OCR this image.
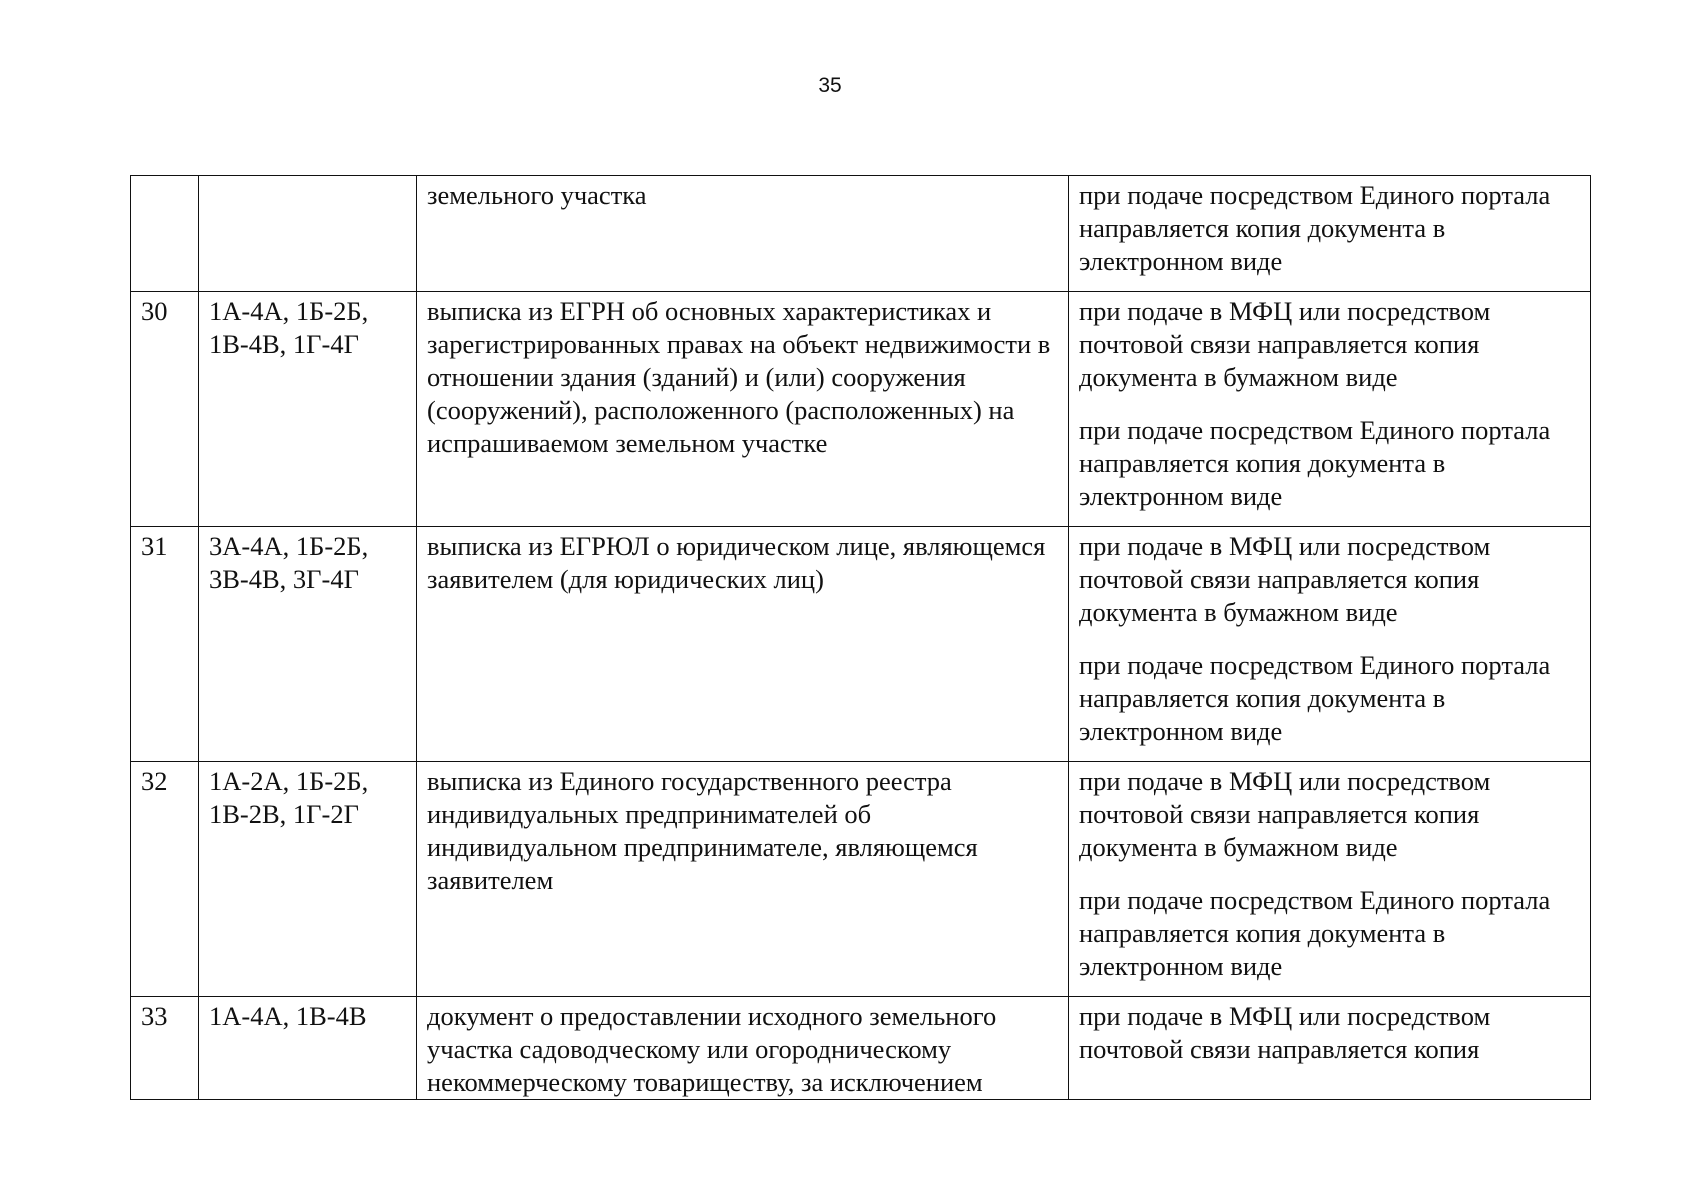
35
		земельного участка	при подаче посредством Единого портала направляется копия документа в электронном виде

30	1А-4А, 1Б-2Б, 1В-4В, 1Г-4Г	выписка из ЕГРН об основных характеристиках и зарегистрированных правах на объект недвижимости в отношении здания (зданий) и (или) сооружения (сооружений), расположенного (расположенных) на испрашиваемом земельном участке	при подаче в МФЦ или посредством почтовой связи направляется копия документа в бумажном виде
при подаче посредством Единого портала направляется копия документа в электронном виде

31	3А-4А, 1Б-2Б, 3В-4В, 3Г-4Г	выписка из ЕГРЮЛ о юридическом лице, являющемся заявителем (для юридических лиц)	при подаче в МФЦ или посредством почтовой связи направляется копия документа в бумажном виде
при подаче посредством Единого портала направляется копия документа в электронном виде

32	1А-2А, 1Б-2Б, 1В-2В, 1Г-2Г	выписка из Единого государственного реестра индивидуальных предпринимателей об индивидуальном предпринимателе, являющемся заявителем	при подаче в МФЦ или посредством почтовой связи направляется копия документа в бумажном виде
при подаче посредством Единого портала направляется копия документа в электронном виде

33	1А-4А, 1В-4В	документ о предоставлении исходного земельного участка садоводческому или огородническому некоммерческому товариществу, за исключением	при подаче в МФЦ или посредством почтовой связи направляется копия
